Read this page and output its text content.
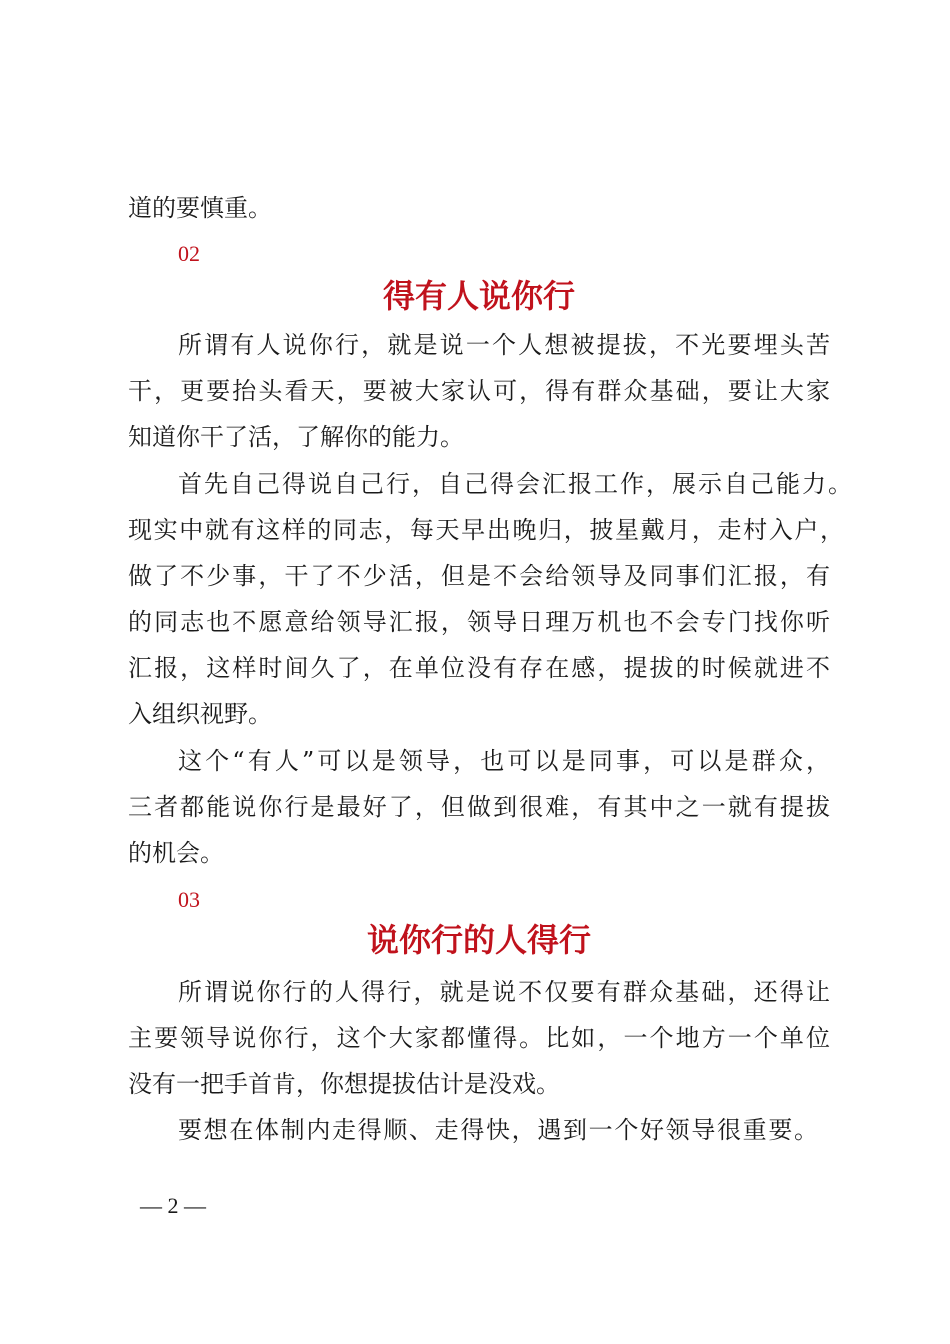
道的要慎重。
02
得有人说你行
所谓有人说你行，就是说一个人想被提拔，不光要埋头苦
干，更要抬头看天，要被大家认可，得有群众基础，要让大家
知道你干了活，了解你的能力。
首先自己得说自己行，自己得会汇报工作，展示自己能力。
现实中就有这样的同志，每天早出晚归，披星戴月，走村入户，
做了不少事，干了不少活，但是不会给领导及同事们汇报，有
的同志也不愿意给领导汇报，领导日理万机也不会专门找你听
汇报，这样时间久了，在单位没有存在感，提拔的时候就进不
入组织视野。
这个“有人”可以是领导，也可以是同事，可以是群众，
三者都能说你行是最好了，但做到很难，有其中之一就有提拔
的机会。
03
说你行的人得行
所谓说你行的人得行，就是说不仅要有群众基础，还得让
主要领导说你行，这个大家都懂得。比如，一个地方一个单位
没有一把手首肯，你想提拔估计是没戏。
要想在体制内走得顺、走得快，遇到一个好领导很重要。
— 2 —
